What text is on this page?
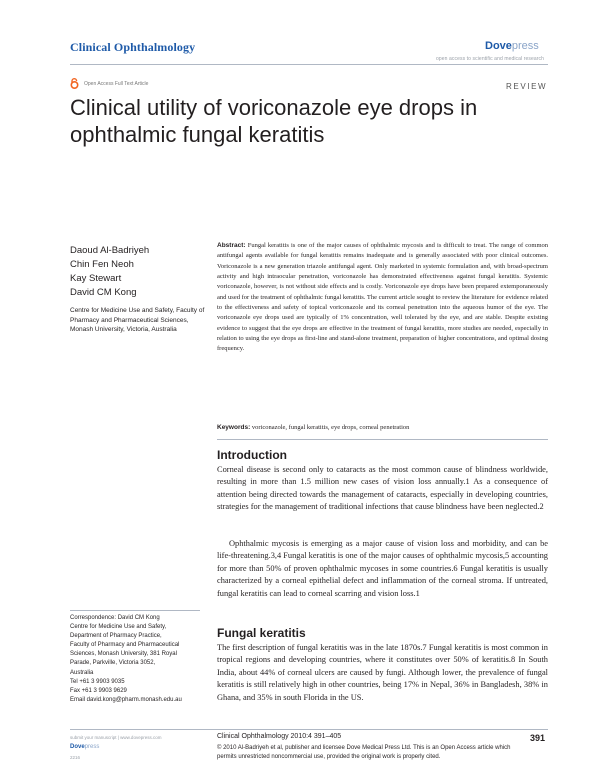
Clinical Ophthalmology	Dovepress
open access to scientific and medical research
Open Access Full Text Article	REVIEW
Clinical utility of voriconazole eye drops in ophthalmic fungal keratitis
Daoud Al-Badriyeh
Chin Fen Neoh
Kay Stewart
David CM Kong
Centre for Medicine Use and Safety, Faculty of Pharmacy and Pharmaceutical Sciences, Monash University, Victoria, Australia
Abstract: Fungal keratitis is one of the major causes of ophthalmic mycosis and is difficult to treat. The range of common antifungal agents available for fungal keratitis remains inadequate and is generally associated with poor clinical outcomes. Voriconazole is a new generation triazole antifungal agent. Only marketed in systemic formulation and, with broad-spectrum activity and high intraocular penetration, voriconazole has demonstrated effectiveness against fungal keratitis. Systemic voriconazole, however, is not without side effects and is costly. Voriconazole eye drops have been prepared extemporaneously and used for the treatment of ophthalmic fungal keratitis. The current article sought to review the literature for evidence related to the effectiveness and safety of topical voriconazole and its corneal penetration into the aqueous humor of the eye. The voriconazole eye drops used are typically of 1% concentration, well tolerated by the eye, and are stable. Despite existing evidence to suggest that the eye drops are effective in the treatment of fungal keratitis, more studies are needed, especially in relation to using the eye drops as first-line and stand-alone treatment, preparation of higher concentrations, and optimal dosing frequency.
Keywords: voriconazole, fungal keratitis, eye drops, corneal penetration
Introduction
Corneal disease is second only to cataracts as the most common cause of blindness worldwide, resulting in more than 1.5 million new cases of vision loss annually.1 As a consequence of attention being directed towards the management of cataracts, especially in developing countries, strategies for the management of traditional infections that cause blindness have been neglected.2
Ophthalmic mycosis is emerging as a major cause of vision loss and morbidity, and can be life-threatening.3,4 Fungal keratitis is one of the major causes of ophthalmic mycosis,5 accounting for more than 50% of proven ophthalmic mycoses in some countries.6 Fungal keratitis is usually characterized by a corneal epithelial defect and inflammation of the corneal stroma. If untreated, fungal keratitis can lead to corneal scarring and vision loss.1
Fungal keratitis
The first description of fungal keratitis was in the late 1870s.7 Fungal keratitis is most common in tropical regions and developing countries, where it constitutes over 50% of keratitis.8 In South India, about 44% of corneal ulcers are caused by fungi. Although lower, the prevalence of fungal keratitis is still relatively high in other countries, being 17% in Nepal, 36% in Bangladesh, 38% in Ghana, and 35% in south Florida in the US.
Correspondence: David CM Kong
Centre for Medicine Use and Safety,
Department of Pharmacy Practice,
Faculty of Pharmacy and Pharmaceutical
Sciences, Monash University, 381 Royal
Parade, Parkville, Victoria 3052,
Australia
Tel +61 3 9903 9035
Fax +61 3 9903 9629
Email david.kong@pharm.monash.edu.au
submit your manuscript | www.dovepress.com
Dovepress
2216
Clinical Ophthalmology 2010:4 391–405
© 2010 Al-Badriyeh et al, publisher and licensee Dove Medical Press Ltd. This is an Open Access article which permits unrestricted noncommercial use, provided the original work is properly cited.
391
